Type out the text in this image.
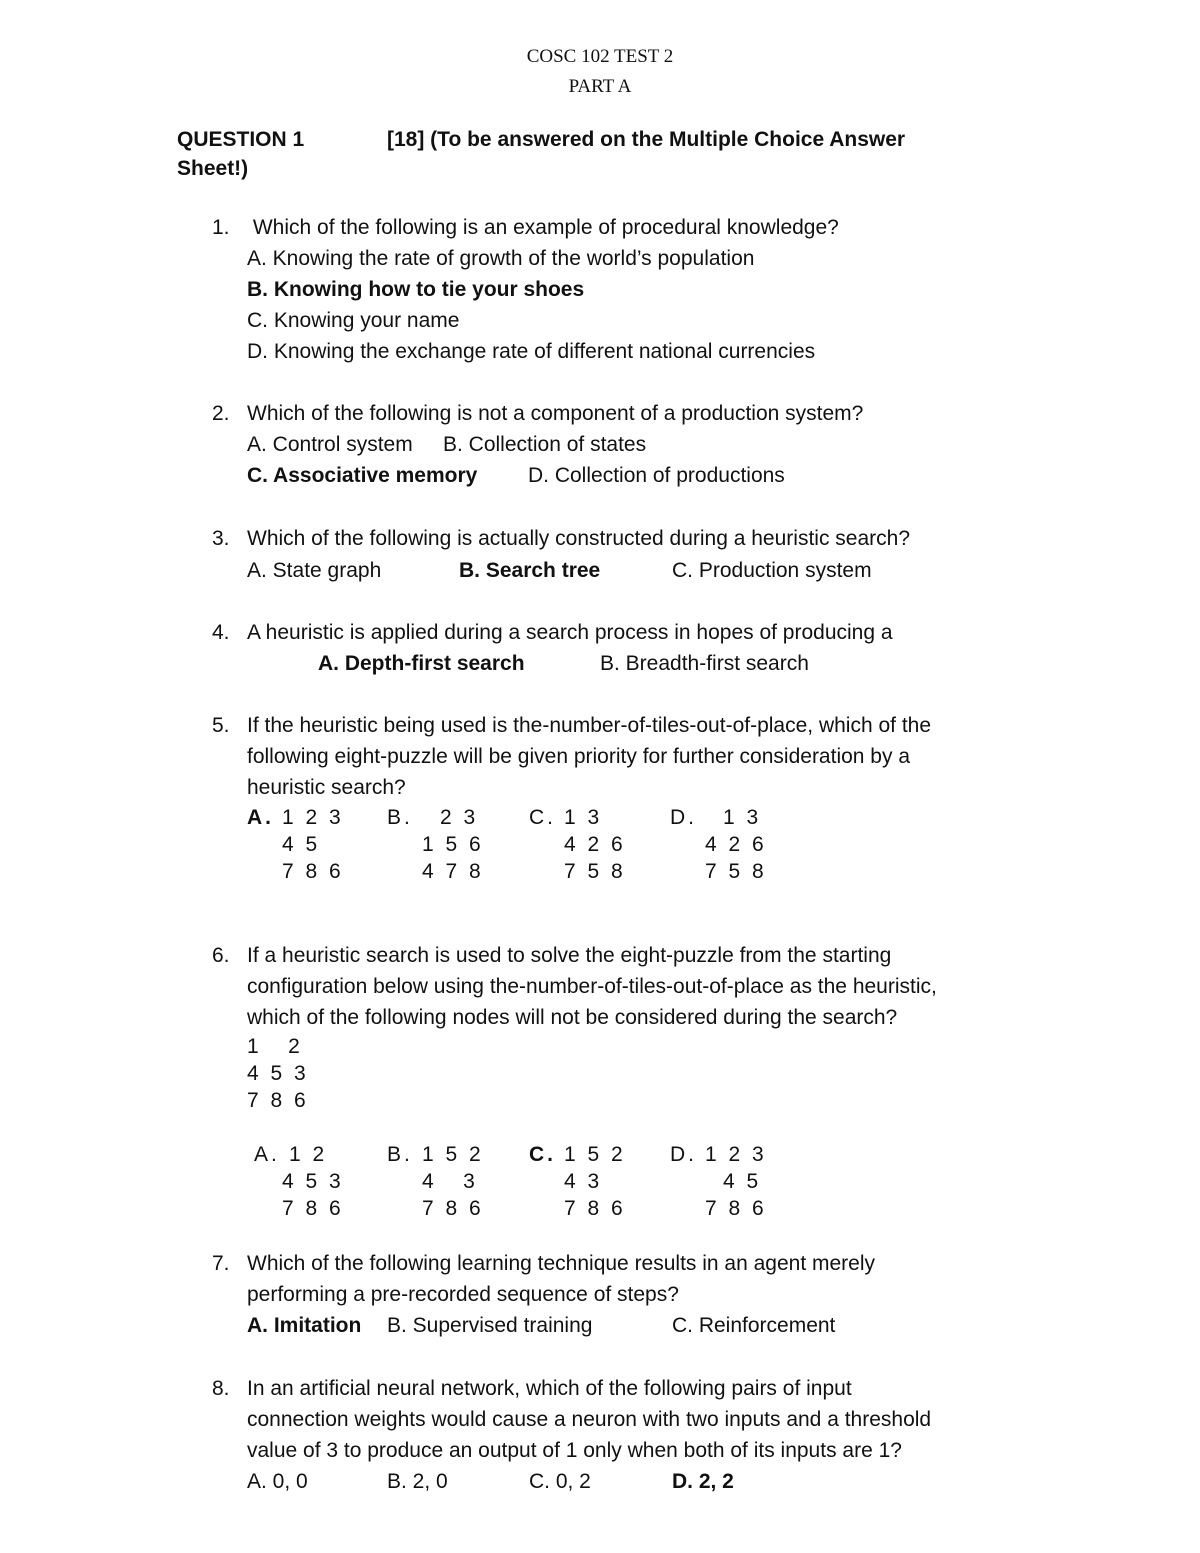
COSC 102 TEST 2
PART A
QUESTION 1	[18] (To be answered on the Multiple Choice Answer
Sheet!)
1. Which of the following is an example of procedural knowledge?
A. Knowing the rate of growth of the world’s population
B. Knowing how to tie your shoes
C. Knowing your name
D. Knowing the exchange rate of different national currencies
2. Which of the following is not a component of a production system?
A. Control system B. Collection of states
C. Associative memory D. Collection of productions
3. Which of the following is actually constructed during a heuristic search?
A. State graph	B. Search tree	C. Production system
4. A heuristic is applied during a search process in hopes of producing a
A. Depth-first search	B. Breadth-first search
5. If the heuristic being used is the-number-of-tiles-out-of-place, which of the
following eight-puzzle will be given priority for further consideration by a
heuristic search?
A. 1 2 3
4 5
7 8 6
B. 2 3
1 5 6
4 7 8
C. 1 3
4 2 6
7 5 8
D. 1 3
4 2 6
7 5 8
6. If a heuristic search is used to solve the eight-puzzle from the starting
configuration below using the-number-of-tiles-out-of-place as the heuristic,
which of the following nodes will not be considered during the search?
1   2
4 5 3
7 8 6
A. 1 2
4 5 3
7 8 6
B. 1 5 2
4   3
7 8 6
C. 1 5 2
4 3
7 8 6
D. 1 2 3
4 5
7 8 6
7. Which of the following learning technique results in an agent merely
performing a pre-recorded sequence of steps?
A. Imitation B. Supervised training	C. Reinforcement
8. In an artificial neural network, which of the following pairs of input
connection weights would cause a neuron with two inputs and a threshold
value of 3 to produce an output of 1 only when both of its inputs are 1?
A. 0, 0	B. 2, 0	C. 0, 2	D. 2, 2
